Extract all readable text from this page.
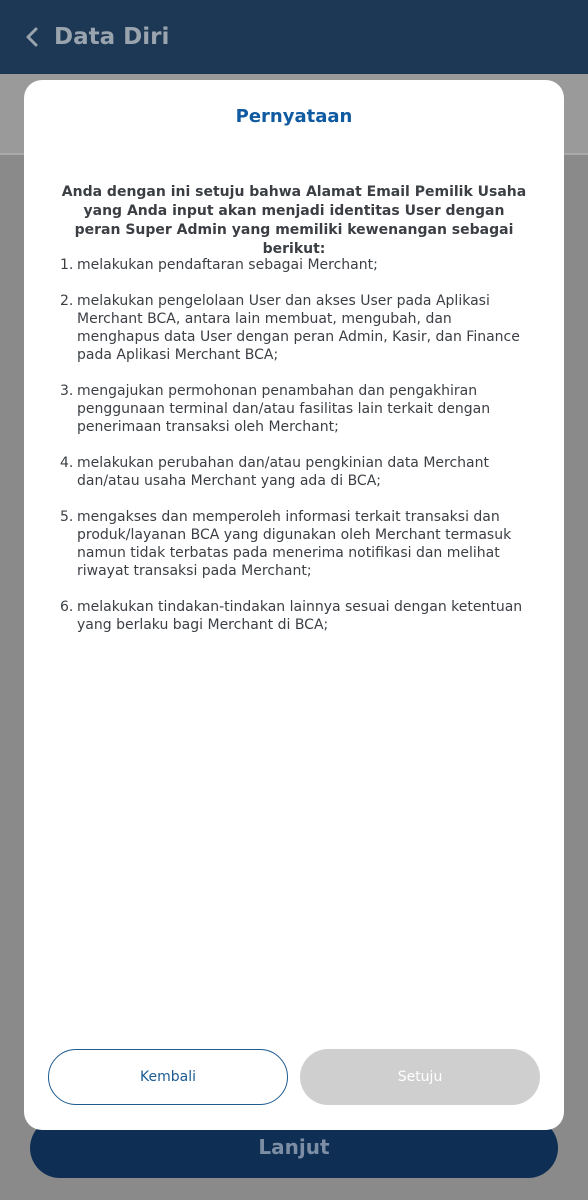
Data Diri
Lanjut
Pernyataan
Anda dengan ini setuju bahwa Alamat Email Pemilik Usaha yang Anda input akan menjadi identitas User dengan peran Super Admin yang memiliki kewenangan sebagai berikut:
1. melakukan pendaftaran sebagai Merchant;
2. melakukan pengelolaan User dan akses User pada Aplikasi Merchant BCA, antara lain membuat, mengubah, dan menghapus data User dengan peran Admin, Kasir, dan Finance pada Aplikasi Merchant BCA;
3. mengajukan permohonan penambahan dan pengakhiran penggunaan terminal dan/atau fasilitas lain terkait dengan penerimaan transaksi oleh Merchant;
4. melakukan perubahan dan/atau pengkinian data Merchant dan/atau usaha Merchant yang ada di BCA;
5. mengakses dan memperoleh informasi terkait transaksi dan produk/layanan BCA yang digunakan oleh Merchant termasuk namun tidak terbatas pada menerima notifikasi dan melihat riwayat transaksi pada Merchant;
6. melakukan tindakan-tindakan lainnya sesuai dengan ketentuan yang berlaku bagi Merchant di BCA;
Kembali	Setuju
